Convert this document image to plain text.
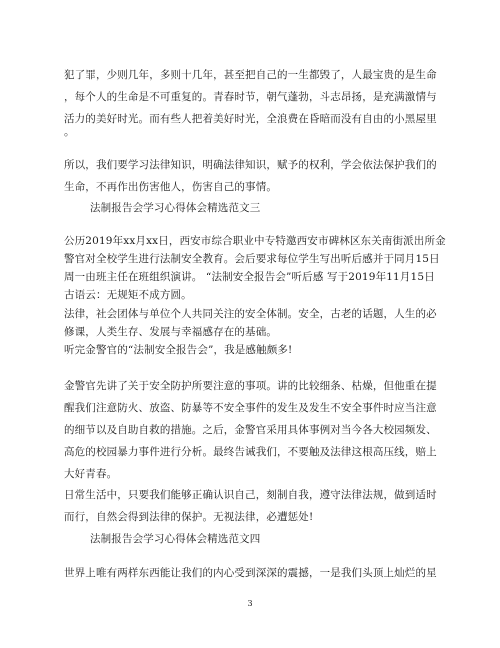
犯了罪，少则几年，多则十几年，甚至把自己的一生都毁了，人最宝贵的是生命
，每个人的生命是不可重复的。青春时节，朝气蓬勃，斗志昂扬，是充满激情与
活力的美好时光。而有些人把着美好时光，全浪费在昏暗而没有自由的小黑屋里
。
所以，我们要学习法律知识，明确法律知识，赋予的权利，学会依法保护我们的
生命，不再作出伤害他人，伤害自己的事情。
法制报告会学习心得体会精选范文三
公历2019年xx月xx日，西安市综合职业中专特邀西安市碑林区东关南街派出所金
警官对全校学生进行法制安全教育。会后要求每位学生写出听后感并于同月15日
周一由班主任在班组织演讲。 “法制安全报告会”听后感 写于2019年11月15日
古语云：无规矩不成方圆。
法律，社会团体与单位个人共同关注的安全体制。安全，古老的话题，人生的必
修课，人类生存、发展与幸福感存在的基础。
听完金警官的“法制安全报告会”，我是感触颇多!
金警官先讲了关于安全防护所要注意的事项。讲的比较细条、枯燥，但他重在提
醒我们注意防火、放盗、防暴等不安全事件的发生及发生不安全事件时应当注意
的细节以及自助自救的措施。之后，金警官采用具体事例对当今各大校园频发、
高危的校园暴力事件进行分析。最终告诫我们，不要触及法律这根高压线，赔上
大好青春。
日常生活中，只要我们能够正确认识自己，刻制自我，遵守法律法规，做到适时
而行，自然会得到法律的保护。无视法律，必遭惩处!
法制报告会学习心得体会精选范文四
世界上唯有两样东西能让我们的内心受到深深的震撼，一是我们头顶上灿烂的星
3
